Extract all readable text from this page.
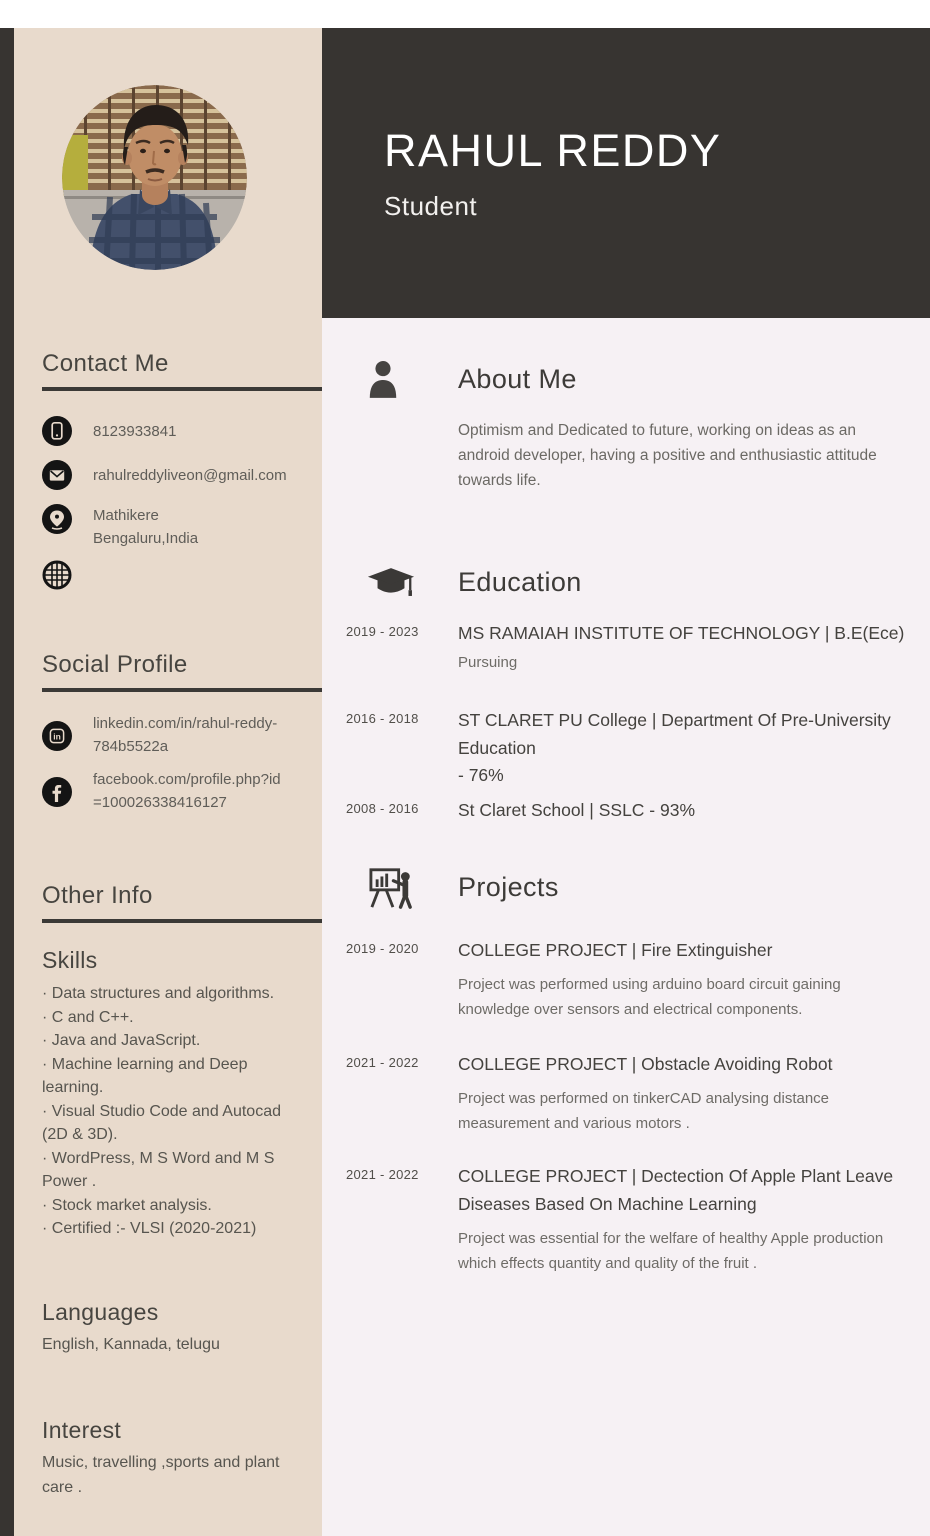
Contact Me
8123933841
rahulreddyliveon@gmail.com
Mathikere
Bengaluru,India
Social Profile
in
linkedin.com/in/rahul-reddy-
784b5522a
facebook.com/profile.php?id
=100026338416127
Other Info
Skills
· Data structures and algorithms.
· C and C++.
· Java and JavaScript.
· Machine learning and Deep learning.
· Visual Studio Code and Autocad (2D & 3D).
· WordPress, M S Word and M S Power .
· Stock market analysis.
· Certified :- VLSI (2020-2021)
Languages
English, Kannada, telugu
Interest
Music, travelling ,sports and plant care .
RAHUL REDDY
Student
About Me

Optimism and Dedicated to future, working on ideas as an android developer, having a positive and enthusiastic attitude towards life.

Education
2019 - 2023	MS RAMAIAH INSTITUTE OF TECHNOLOGY | B.E(Ece)
Pursuing
2016 - 2018	ST CLARET PU College | Department Of Pre-University Education
- 76%
2008 - 2016	St Claret School | SSLC - 93%
Projects
2019 - 2020	COLLEGE PROJECT | Fire Extinguisher
Project was performed using arduino board circuit gaining knowledge over sensors and electrical components.
2021 - 2022	COLLEGE PROJECT | Obstacle Avoiding Robot
Project was performed on tinkerCAD analysing distance measurement and various motors .
2021 - 2022	COLLEGE PROJECT | Dectection Of Apple Plant Leave Diseases Based On Machine Learning
Project was essential for the welfare of healthy Apple production which effects quantity and quality of the fruit .
